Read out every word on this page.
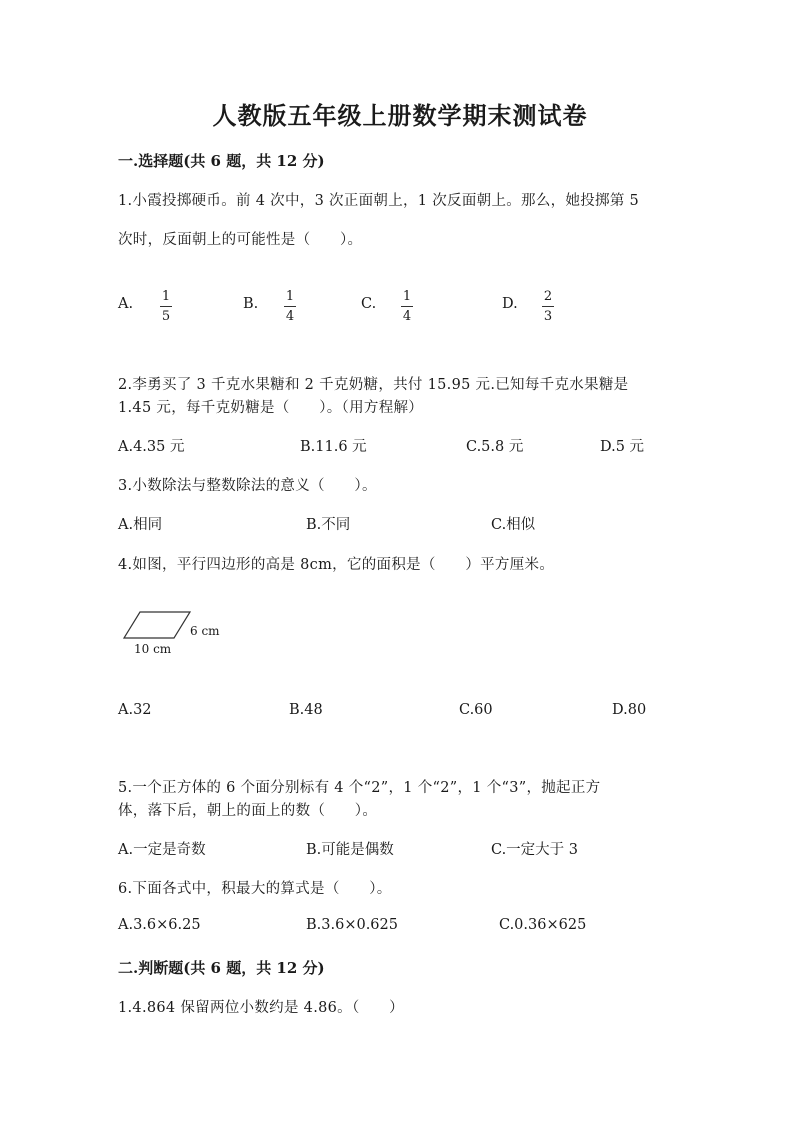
人教版五年级上册数学期末测试卷
一.选择题(共 6 题，共 12 分)
1.小霞投掷硬币。前 4 次中，3 次正面朝上，1 次反面朝上。那么，她投掷第 5
次时，反面朝上的可能性是（　　）。
A. 1
5
B. 1
4
C. 1
4
D. 2
3
2.李勇买了 3 千克水果糖和 2 千克奶糖，共付 15.95 元.已知每千克水果糖是
1.45 元，每千克奶糖是（　　）。（用方程解）
A.4.35 元	B.11.6 元	C.5.8 元	D.5 元
3.小数除法与整数除法的意义（　　）。
A.相同	B.不同	C.相似
4.如图，平行四边形的高是 8cm，它的面积是（　　）平方厘米。
6 cm
10 cm
A.32	B.48	C.60	D.80
5.一个正方体的 6 个面分别标有 4 个“2”，1 个“2”，1 个“3”，抛起正方
体，落下后，朝上的面上的数（　　）。
A.一定是奇数	B.可能是偶数	C.一定大于 3
6.下面各式中，积最大的算式是（　　）。
A.3.6×6.25	B.3.6×0.625	C.0.36×625
二.判断题(共 6 题，共 12 分)
1.4.864 保留两位小数约是 4.86。（　　）
